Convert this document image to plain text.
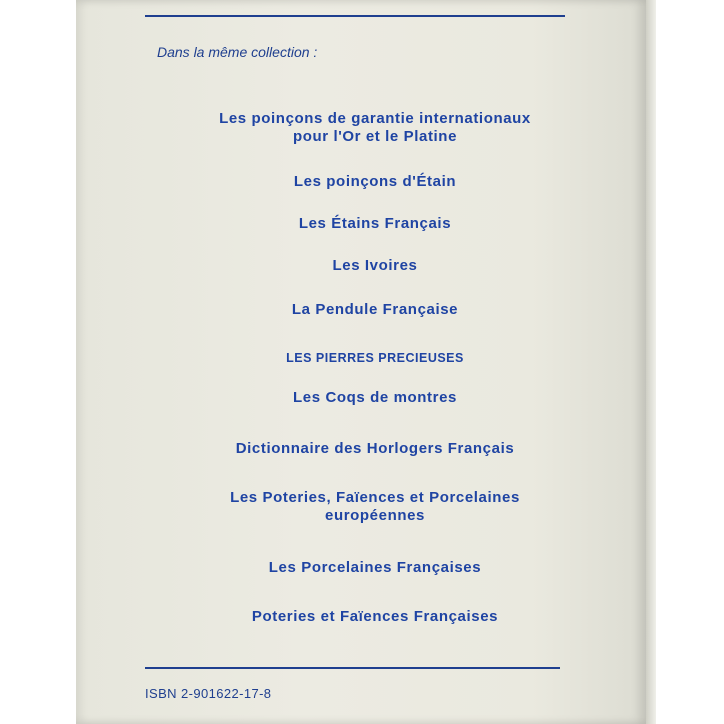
Dans la même collection :
Les poinçons de garantie internationaux
pour l'Or et le Platine
Les poinçons d'Étain
Les Étains Français
Les Ivoires
La Pendule Française
LES PIERRES PRECIEUSES
Les Coqs de montres
Dictionnaire des Horlogers Français
Les Poteries, Faïences et Porcelaines
européennes
Les Porcelaines Françaises
Poteries et Faïences Françaises
ISBN 2-901622-17-8
